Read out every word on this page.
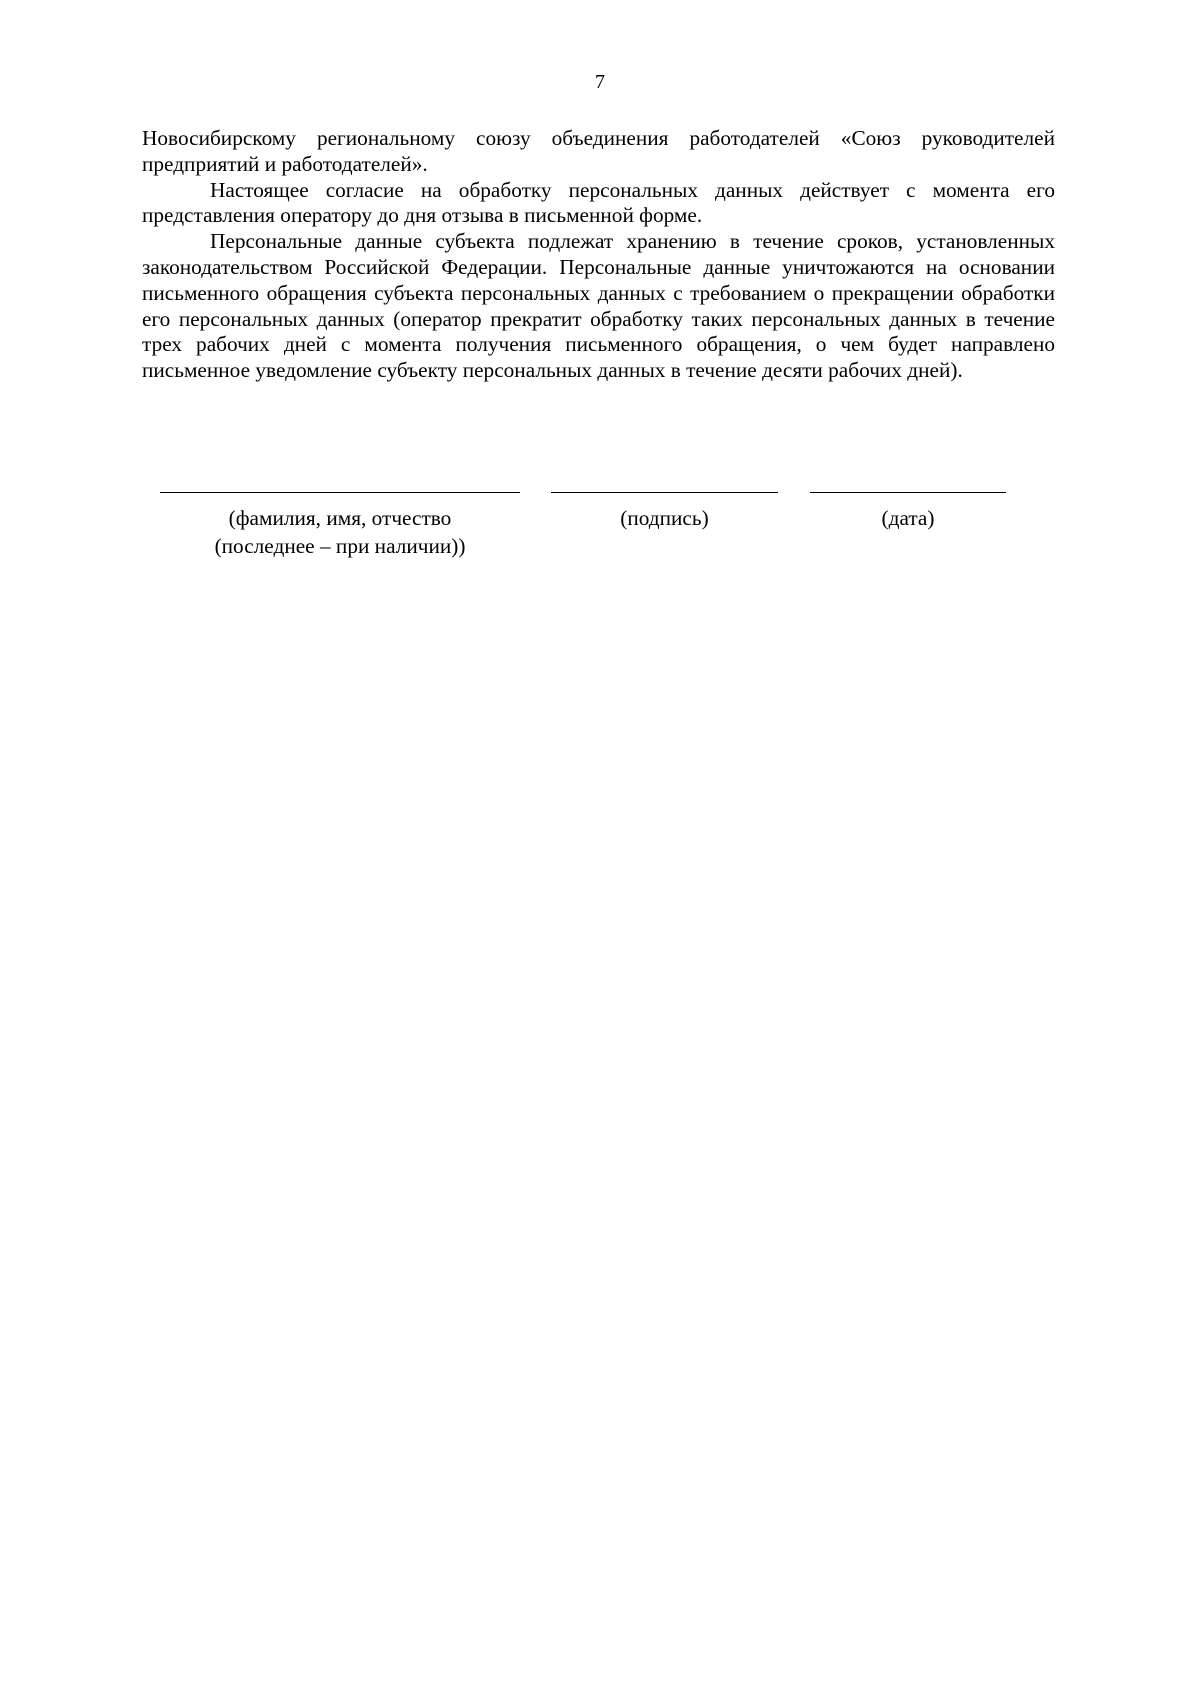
7

Новосибирскому региональному союзу объединения работодателей «Союз руководителей предприятий и работодателей».

Настоящее согласие на обработку персональных данных действует с момента его представления оператору до дня отзыва в письменной форме.

Персональные данные субъекта подлежат хранению в течение сроков, установленных законодательством Российской Федерации. Персональные данные уничтожаются на основании письменного обращения субъекта персональных данных с требованием о прекращении обработки его персональных данных (оператор прекратит обработку таких персональных данных в течение трех рабочих дней с момента получения письменного обращения, о чем будет направлено письменное уведомление субъекту персональных данных в течение десяти рабочих дней).

(фамилия, имя, отчество
(последнее – при наличии))
(подпись)	(дата)
